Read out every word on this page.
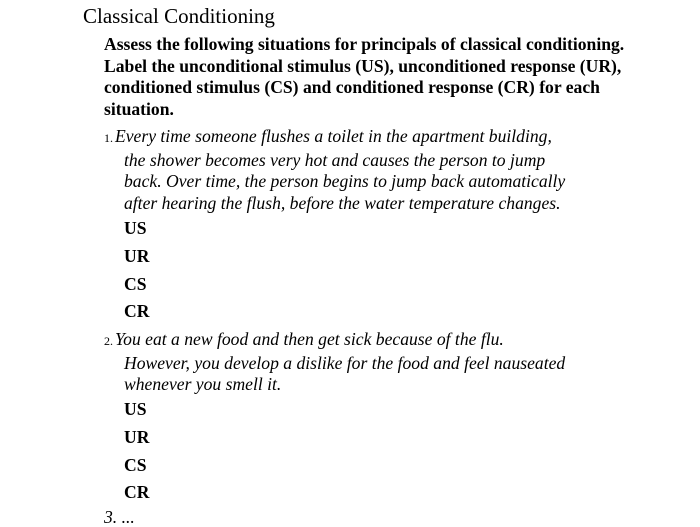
Classical Conditioning
Assess the following situations for principals of classical conditioning. Label the unconditional stimulus (US), unconditioned response (UR), conditioned stimulus (CS) and conditioned response (CR) for each situation.
1. Every time someone flushes a toilet in the apartment building,
the shower becomes very hot and causes the person to jump
back. Over time, the person begins to jump back automatically
after hearing the flush, before the water temperature changes.
US
UR
CS
CR
2. You eat a new food and then get sick because of the flu.
However, you develop a dislike for the food and feel nauseated
whenever you smell it.
US
UR
CS
CR
3. ...
